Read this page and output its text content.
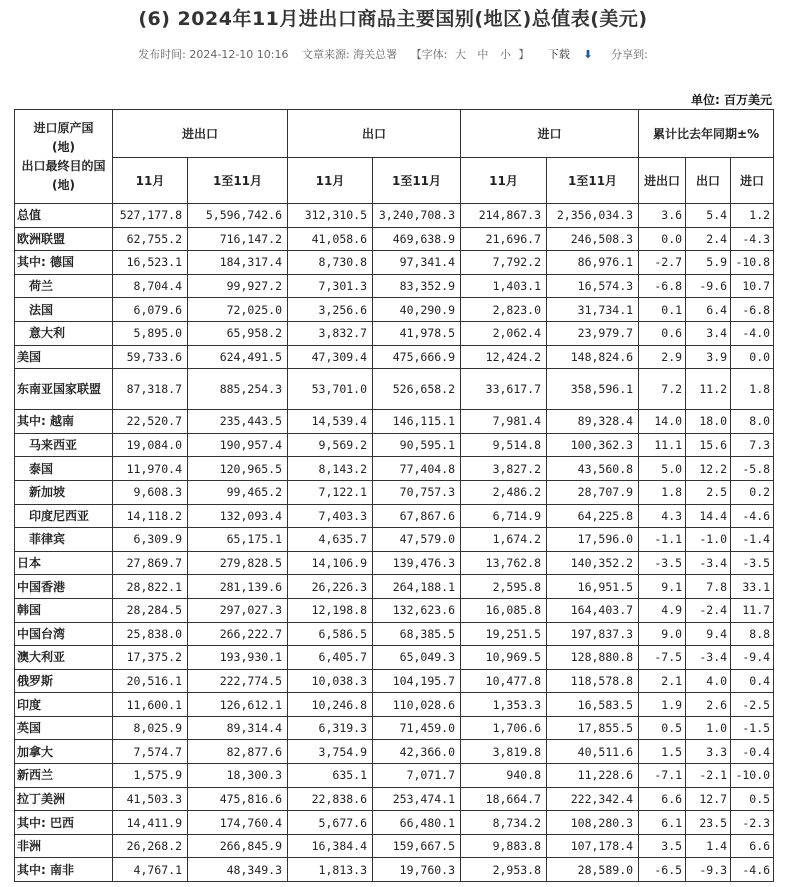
(6) 2024年11月进出口商品主要国别(地区)总值表(美元)
发布时间: 2024-12-10 10:16 文章来源: 海关总署 【字体: 大 中 小 】 下载 ⬇ 分享到:
单位: 百万美元
进口原产国
(地)
出口最终目的国
(地)	进出口		出口		进口		累计比去年同期±%		
	11月	1至11月	11月	1至11月	11月	1至11月	进出口	出口	进口
总值	527,177.8	5,596,742.6	312,310.5	3,240,708.3	214,867.3	2,356,034.3	3.6	5.4	1.2
欧洲联盟	62,755.2	716,147.2	41,058.6	469,638.9	21,696.7	246,508.3	0.0	2.4	-4.3
其中: 德国	16,523.1	184,317.4	8,730.8	97,341.4	7,792.2	86,976.1	-2.7	5.9	-10.8
荷兰	8,704.4	99,927.2	7,301.3	83,352.9	1,403.1	16,574.3	-6.8	-9.6	10.7
法国	6,079.6	72,025.0	3,256.6	40,290.9	2,823.0	31,734.1	0.1	6.4	-6.8
意大利	5,895.0	65,958.2	3,832.7	41,978.5	2,062.4	23,979.7	0.6	3.4	-4.0
美国	59,733.6	624,491.5	47,309.4	475,666.9	12,424.2	148,824.6	2.9	3.9	0.0
东南亚国家联盟	87,318.7	885,254.3	53,701.0	526,658.2	33,617.7	358,596.1	7.2	11.2	1.8
其中: 越南	22,520.7	235,443.5	14,539.4	146,115.1	7,981.4	89,328.4	14.0	18.0	8.0
马来西亚	19,084.0	190,957.4	9,569.2	90,595.1	9,514.8	100,362.3	11.1	15.6	7.3
泰国	11,970.4	120,965.5	8,143.2	77,404.8	3,827.2	43,560.8	5.0	12.2	-5.8
新加坡	9,608.3	99,465.2	7,122.1	70,757.3	2,486.2	28,707.9	1.8	2.5	0.2
印度尼西亚	14,118.2	132,093.4	7,403.3	67,867.6	6,714.9	64,225.8	4.3	14.4	-4.6
菲律宾	6,309.9	65,175.1	4,635.7	47,579.0	1,674.2	17,596.0	-1.1	-1.0	-1.4
日本	27,869.7	279,828.5	14,106.9	139,476.3	13,762.8	140,352.2	-3.5	-3.4	-3.5
中国香港	28,822.1	281,139.6	26,226.3	264,188.1	2,595.8	16,951.5	9.1	7.8	33.1
韩国	28,284.5	297,027.3	12,198.8	132,623.6	16,085.8	164,403.7	4.9	-2.4	11.7
中国台湾	25,838.0	266,222.7	6,586.5	68,385.5	19,251.5	197,837.3	9.0	9.4	8.8
澳大利亚	17,375.2	193,930.1	6,405.7	65,049.3	10,969.5	128,880.8	-7.5	-3.4	-9.4
俄罗斯	20,516.1	222,774.5	10,038.3	104,195.7	10,477.8	118,578.8	2.1	4.0	0.4
印度	11,600.1	126,612.1	10,246.8	110,028.6	1,353.3	16,583.5	1.9	2.6	-2.5
英国	8,025.9	89,314.4	6,319.3	71,459.0	1,706.6	17,855.5	0.5	1.0	-1.5
加拿大	7,574.7	82,877.6	3,754.9	42,366.0	3,819.8	40,511.6	1.5	3.3	-0.4
新西兰	1,575.9	18,300.3	635.1	7,071.7	940.8	11,228.6	-7.1	-2.1	-10.0
拉丁美洲	41,503.3	475,816.6	22,838.6	253,474.1	18,664.7	222,342.4	6.6	12.7	0.5
其中: 巴西	14,411.9	174,760.4	5,677.6	66,480.1	8,734.2	108,280.3	6.1	23.5	-2.3
非洲	26,268.2	266,845.9	16,384.4	159,667.5	9,883.8	107,178.4	3.5	1.4	6.6
其中: 南非	4,767.1	48,349.3	1,813.3	19,760.3	2,953.8	28,589.0	-6.5	-9.3	-4.6
